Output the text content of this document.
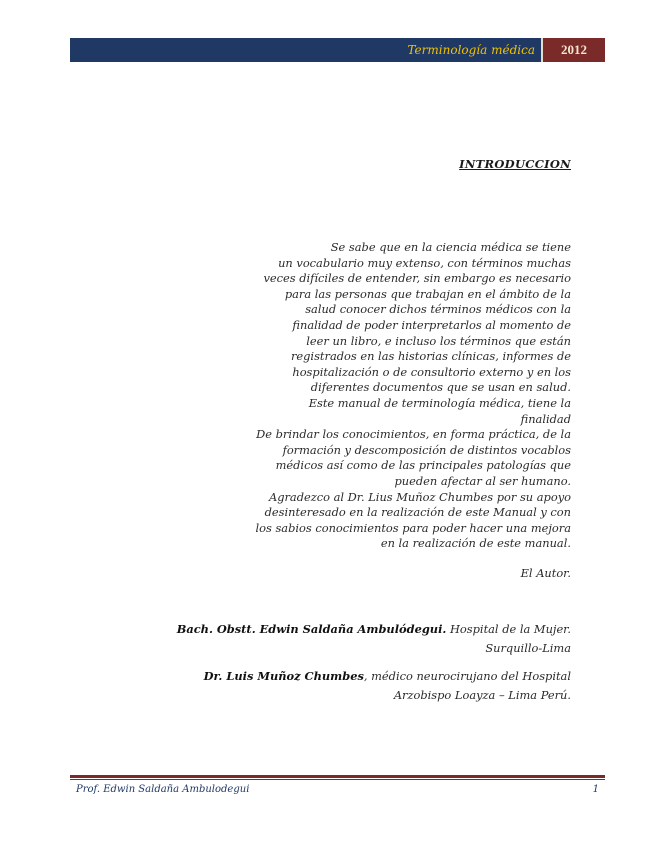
Terminología médica	2012
INTRODUCCION
Se sabe que en la ciencia médica se tiene
un vocabulario muy extenso, con términos muchas
veces difíciles de entender, sin embargo es necesario
para las personas que trabajan en el ámbito de la
salud conocer dichos términos médicos con la
finalidad de poder interpretarlos al momento de
leer un libro, e incluso los términos que están
registrados en las historias clínicas, informes de
hospitalización o de consultorio externo y en los
diferentes documentos que se usan en salud.
Este manual de terminología médica, tiene la
finalidad
De brindar los conocimientos, en forma práctica, de la
formación y descomposición de distintos vocablos
médicos así como de las principales patologías que
pueden afectar al ser humano.
Agradezco al Dr. Lius Muñoz Chumbes por su apoyo
desinteresado en la realización de este Manual y con
los sabios conocimientos para poder hacer una mejora
en la realización de este manual.
El Autor.
Bach. Obstt. Edwin Saldaña Ambulódegui. Hospital de la Mujer.
Surquillo-Lima
Dr. Luis Muñoz Chumbes, médico neurocirujano del Hospital
Arzobispo Loayza – Lima Perú.
Prof. Edwin Saldaña Ambulodegui	1
